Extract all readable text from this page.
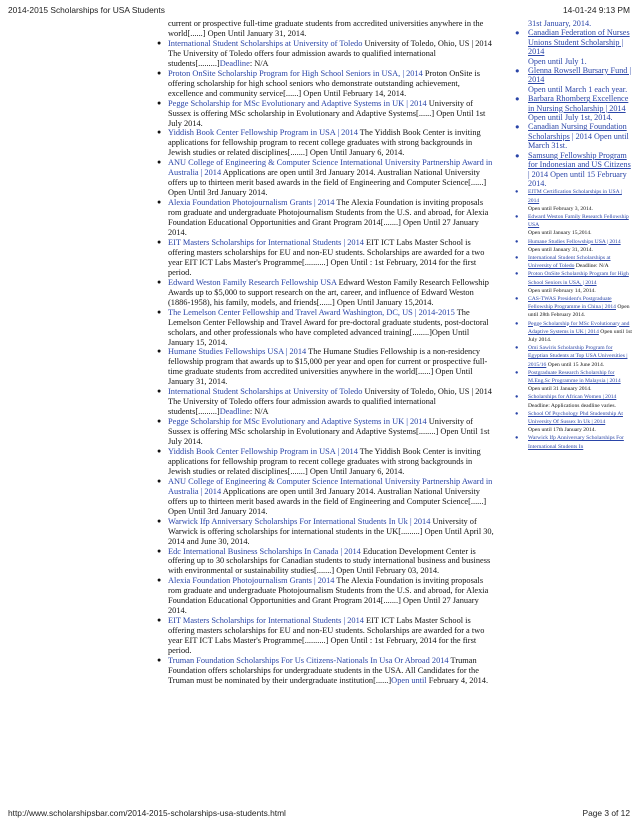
2014-2015 Scholarships for USA Students	14-01-24 9:13 PM
current or prospective full-time graduate students from accredited universities anywhere in the world[......] Open Until January 31, 2014.
● International Student Scholarships at University of Toledo University of Toledo, Ohio, US | 2014 The University of Toledo offers four admission awards to qualified international students[.........]Deadline: N/A
● Proton OnSite Scholarship Program for High School Seniors in USA, | 2014 Proton OnSite is offering scholarship for high school seniors who demonstrate outstanding achievement, excellence and community service[......] Open Until February 14, 2014.
● Pegge Scholarship for MSc Evolutionary and Adaptive Systems in UK | 2014 University of Sussex is offering MSc scholarship in Evolutionary and Adaptive Systems[......] Open Until 1st July 2014.
● Yiddish Book Center Fellowship Program in USA | 2014 The Yiddish Book Center is inviting applications for fellowship program to recent college graduates with strong backgrounds in Jewish studies or related disciplines[.......] Open Until January 6, 2014.
● ANU College of Engineering & Computer Science International University Partnership Award in Australia | 2014 Applications are open until 3rd January 2014. Australian National University offers up to thirteen merit based awards in the field of Engineering and Computer Science[......] Open Until 3rd January 2014.
● Alexia Foundation Photojournalism Grants | 2014 The Alexia Foundation is inviting proposals rom graduate and undergraduate Photojournalism Students from the U.S. and abroad, for Alexia Foundation Educational Opportunities and Grant Program 2014[.......] Open Until 27 January 2014.
● EIT Masters Scholarships for International Students | 2014 EIT ICT Labs Master School is offering masters scholarships for EU and non-EU students. Scholarships are awarded for a two year EIT ICT Labs Master's Programme[..........] Open Until : 1st February, 2014 for the first period.
● Edward Weston Family Research Fellowship USA Edward Weston Family Research Fellowship Awards up to $5,000 to support research on the art, career, and influence of Edward Weston (1886-1958), his family, models, and friends[......] Open Until January 15,2014.
● The Lemelson Center Fellowship and Travel Award Washington, DC, US | 2014-2015 The Lemelson Center Fellowship and Travel Award for pre-doctoral graduate students, post-doctoral scholars, and other professionals who have completed advanced training[........]Open Until January 15, 2014.
● Humane Studies Fellowships USA | 2014 The Humane Studies Fellowship is a non-residency fellowship program that awards up to $15,000 per year and open for current or prospective full-time graduate students from accredited universities anywhere in the world[......] Open Until January 31, 2014.
● International Student Scholarships at University of Toledo University of Toledo, Ohio, US | 2014 The University of Toledo offers four admission awards to qualified international students[.........]Deadline: N/A
● Pegge Scholarship for MSc Evolutionary and Adaptive Systems in UK | 2014 University of Sussex is offering MSc scholarship in Evolutionary and Adaptive Systems[........] Open Until 1st July 2014.
● Yiddish Book Center Fellowship Program in USA | 2014 The Yiddish Book Center is inviting applications for fellowship program to recent college graduates with strong backgrounds in Jewish studies or related disciplines[.......] Open Until January 6, 2014.
● ANU College of Engineering & Computer Science International University Partnership Award in Australia | 2014 Applications are open until 3rd January 2014. Australian National University offers up to thirteen merit based awards in the field of Engineering and Computer Science[......] Open Until 3rd January 2014.
● Warwick Ifp Anniversary Scholarships For International Students In Uk | 2014 University of Warwick is offering scholarships for international students in the UK[.........] Open Until April 30, 2014 and June 30, 2014.
● Edc International Business Scholarships In Canada | 2014 Education Development Center is offering up to 30 scholarships for Canadian students to study international business and business with environmental or sustainability studies[.......] Open Until February 03, 2014.
● Alexia Foundation Photojournalism Grants | 2014 The Alexia Foundation is inviting proposals rom graduate and undergraduate Photojournalism Students from the U.S. and abroad, for Alexia Foundation Educational Opportunities and Grant Program 2014[.......] Open Until 27 January 2014.
● EIT Masters Scholarships for International Students | 2014 EIT ICT Labs Master School is offering masters scholarships for EU and non-EU students. Scholarships are awarded for a two year EIT ICT Labs Master's Programme[..........] Open Until : 1st February, 2014 for the first period.
● Truman Foundation Scholarships For Us Citizens-Nationals In Usa Or Abroad 2014 Truman Foundation offers scholarships for undergraduate students in the USA. All Candidates for the Truman must be nominated by their undergraduate institution[......]Open until February 4, 2014.
31st January, 2014.
● Canadian Federation of Nurses Unions Student Scholarship | 2014
Open until July 1.
● Glenna Rowsell Bursary Fund | 2014
Open until March 1 each year.
● Barbara Rhomberg Excellence in Nursing Scholarship | 2014
Open until July 1st, 2014.
● Canadian Nursing Foundation Scholarships | 2014 Open until March 31st.
● Samsung Fellowship Program for Indonesian and US Citizens | 2014 Open until 15 February 2014.
● EITM Certification Scholarships in USA | 2014
Open until February 3, 2014.
● Edward Weston Family Research Fellowship USA
Open until January 15,2014.
● Humane Studies Fellowships USA | 2014
Open until January 31, 2014.
● International Student Scholarships at University of Toledo Deadline: N/A
● Proton OnSite Scholarship Program for High School Seniors in USA, | 2014
Open until February 14, 2014.
● CAS-TWAS President's Postgraduate Fellowship Programme in China | 2014 Open until 28th February 2014.
● Pegge Scholarship for MSc Evolutionary and Adaptive Systems in UK | 2014 Open until 1st July 2014.
● Omi Sawiris Scholarship Program for Egyptian Students at Top USA Universities | 2015/16 Open until 15 June 2014.
● Postgraduate Research Scholarship for M.Eng.Sc Programme in Malaysia | 2014 Open until 31 January 2014.
● Scholarships for African Women | 2014 Deadline: Applications deadline varies.
● School Of Psychology Phd Studentship At University Of Sussex In Uk | 2014
Open until 17th January 2014.
● Warwick Ifp Anniversary Scholarships For International Students In
http://www.scholarshipsbar.com/2014-2015-scholarships-usa-students.html	Page 3 of 12
